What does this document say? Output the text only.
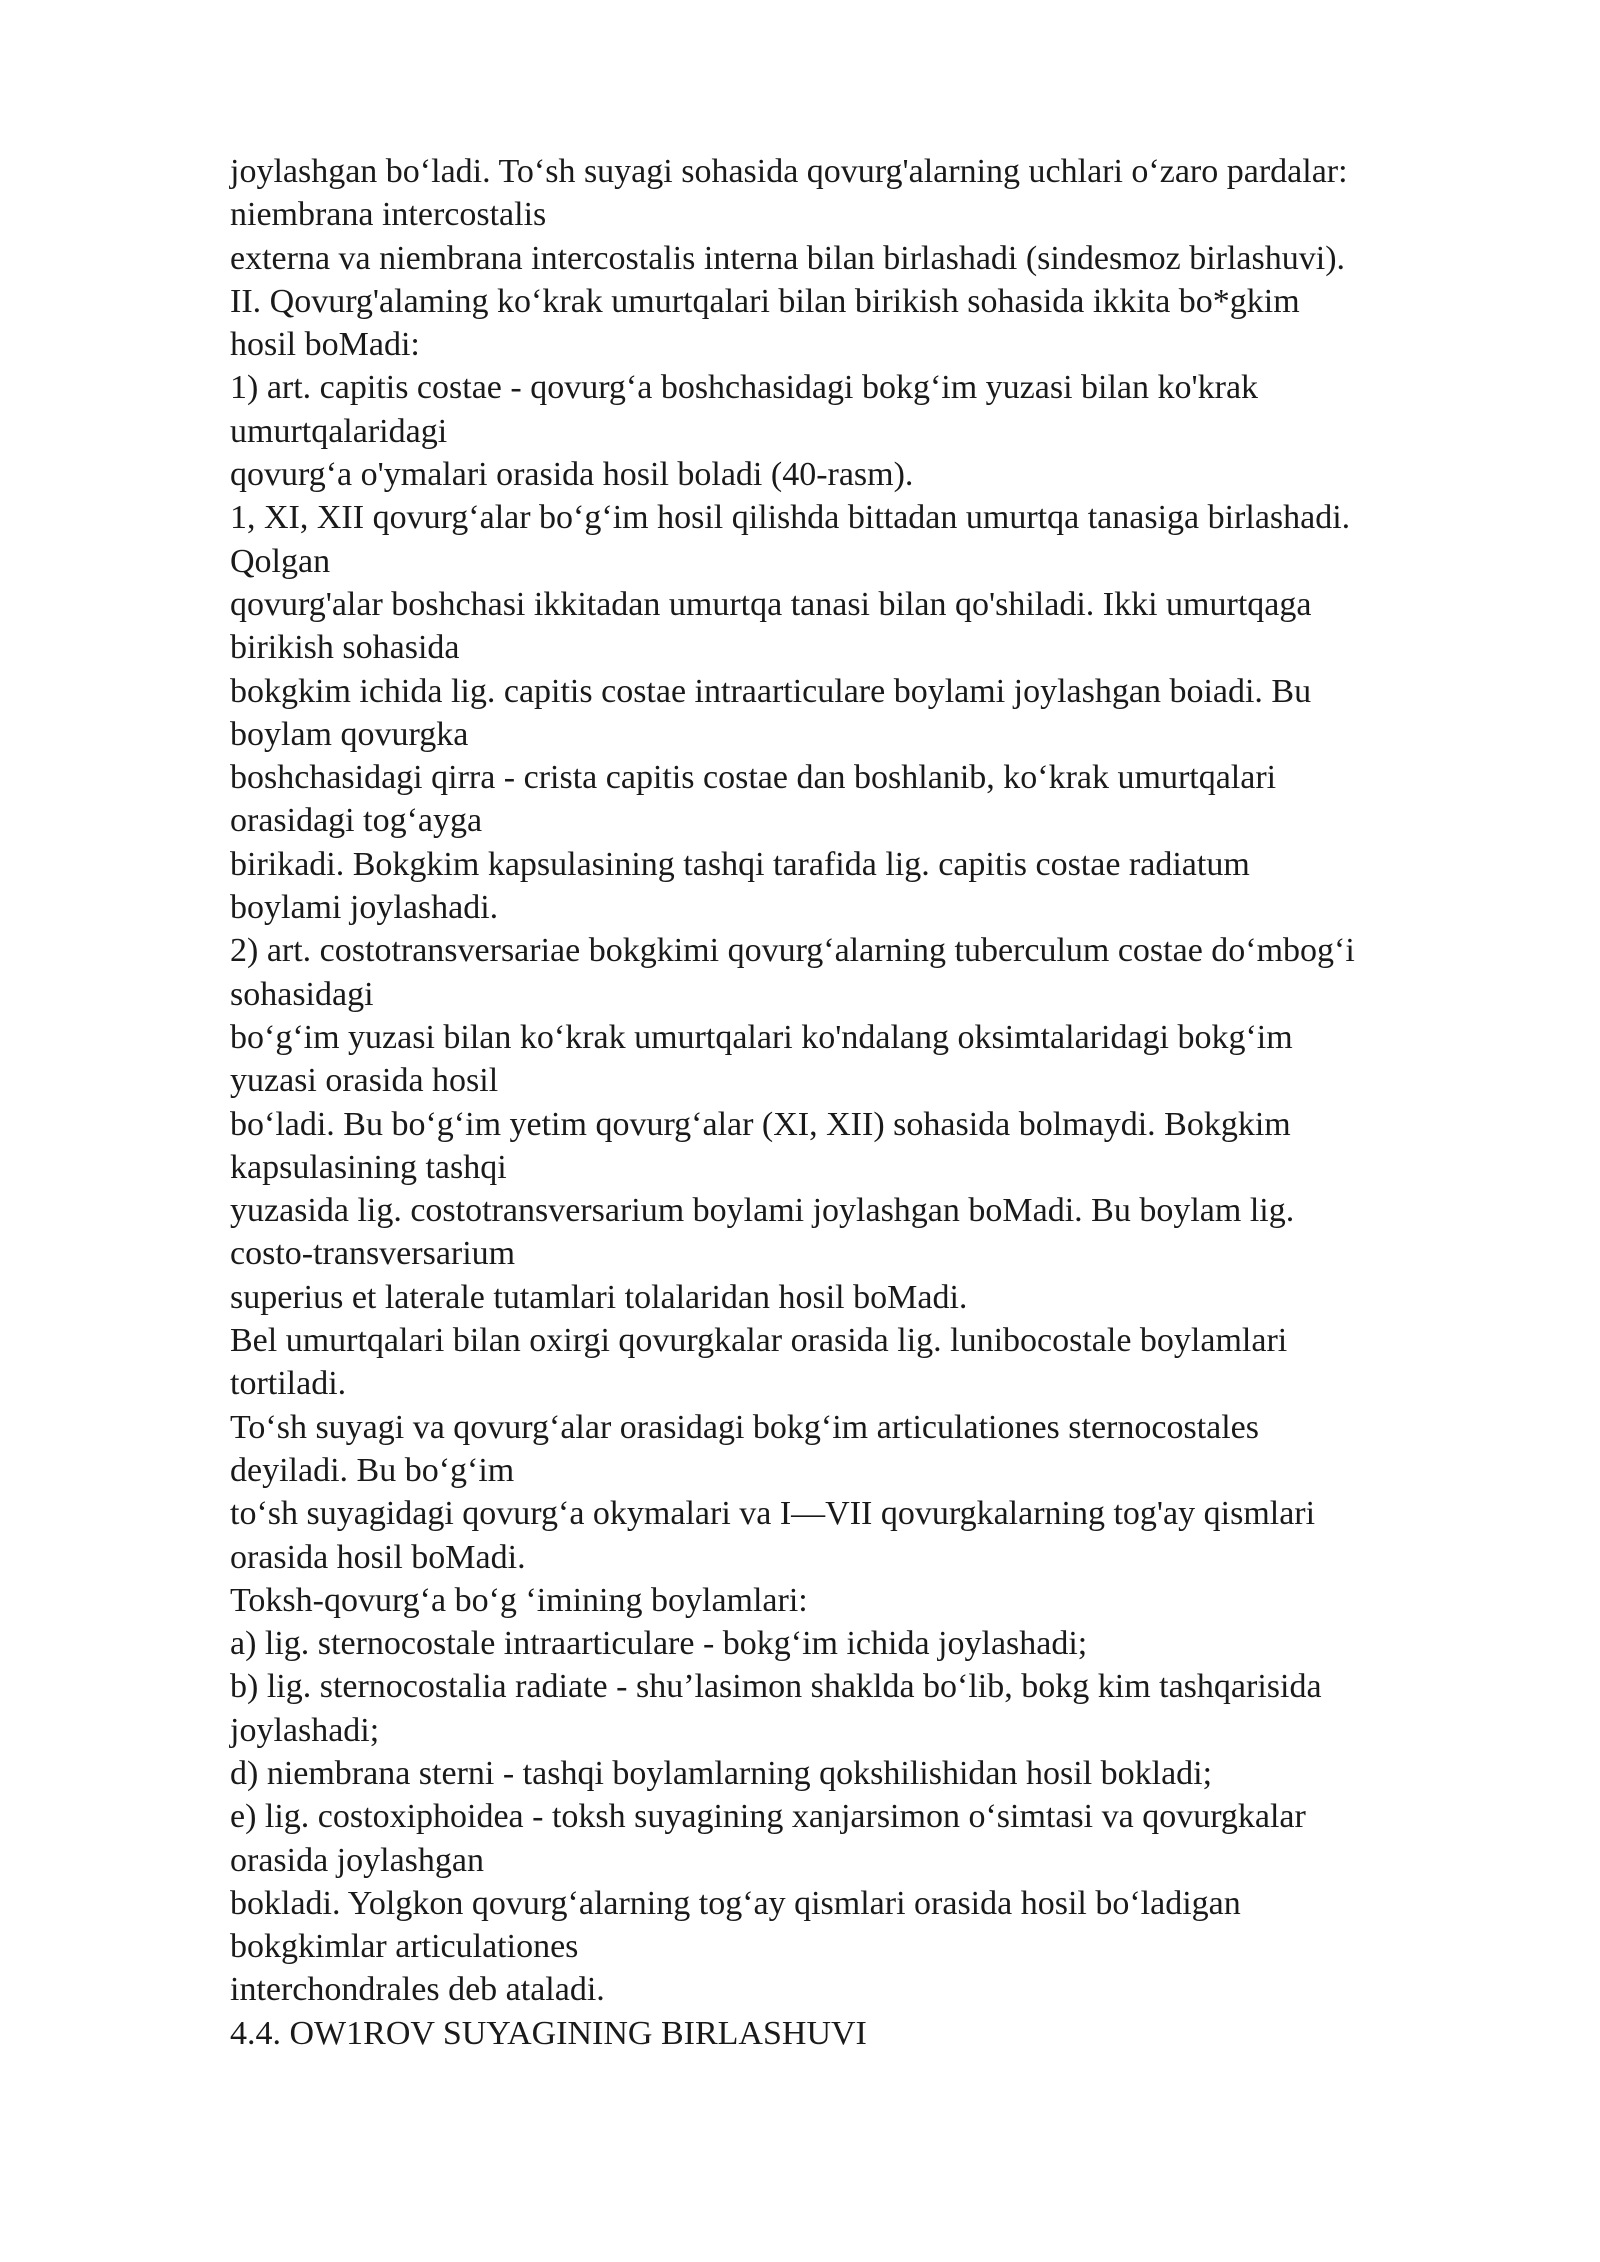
joylashgan bo‘ladi. To‘sh suyagi sohasida qovurg'alarning uchlari o‘zaro pardalar:
niembrana intercostalis
externa va niembrana intercostalis interna bilan birlashadi (sindesmoz birlashuvi).
II. Qovurg'alaming ko‘krak umurtqalari bilan birikish sohasida ikkita bo*gkim
hosil boMadi:
1) art. capitis costae - qovurg‘a boshchasidagi bokg‘im yuzasi bilan ko'krak
umurtqalaridagi
qovurg‘a o'ymalari orasida hosil boladi (40-rasm).
1, XI, XII qovurg‘alar bo‘g‘im hosil qilishda bittadan umurtqa tanasiga birlashadi.
Qolgan
qovurg'alar boshchasi ikkitadan umurtqa tanasi bilan qo'shiladi. Ikki umurtqaga
birikish sohasida
bokgkim ichida lig. capitis costae intraarticulare boylami joylashgan boiadi. Bu
boylam qovurgka
boshchasidagi qirra - crista capitis costae dan boshlanib, ko‘krak umurtqalari
orasidagi tog‘ayga
birikadi. Bokgkim kapsulasining tashqi tarafida lig. capitis costae radiatum
boylami joylashadi.
2) art. costotransversariae bokgkimi qovurg‘alarning tuberculum costae do‘mbog‘i
sohasidagi
bo‘g‘im yuzasi bilan ko‘krak umurtqalari ko'ndalang oksimtalaridagi bokg‘im
yuzasi orasida hosil
bo‘ladi. Bu bo‘g‘im yetim qovurg‘alar (XI, XII) sohasida bolmaydi. Bokgkim
kapsulasining tashqi
yuzasida lig. costotransversarium boylami joylashgan boMadi. Bu boylam lig.
costo-transversarium
superius et laterale tutamlari tolalaridan hosil boMadi.
Bel umurtqalari bilan oxirgi qovurgkalar orasida lig. lunibocostale boylamlari
tortiladi.
To‘sh suyagi va qovurg‘alar orasidagi bokg‘im articulationes sternocostales
deyiladi. Bu bo‘g‘im
to‘sh suyagidagi qovurg‘a okymalari va I—VII qovurgkalarning tog'ay qismlari
orasida hosil boMadi.
Toksh-qovurg‘a bo‘g ‘imining boylamlari:
a) lig. sternocostale intraarticulare - bokg‘im ichida joylashadi;
b) lig. sternocostalia radiate - shu’lasimon shaklda bo‘lib, bokg kim tashqarisida
joylashadi;
d) niembrana sterni - tashqi boylamlarning qokshilishidan hosil bokladi;
e) lig. costoxiphoidea - toksh suyagining xanjarsimon o‘simtasi va qovurgkalar
orasida joylashgan
bokladi. Yolgkon qovurg‘alarning tog‘ay qismlari orasida hosil bo‘ladigan
bokgkimlar articulationes
interchondrales deb ataladi.
4.4. OW1ROV SUYAGINING BIRLASHUVI
